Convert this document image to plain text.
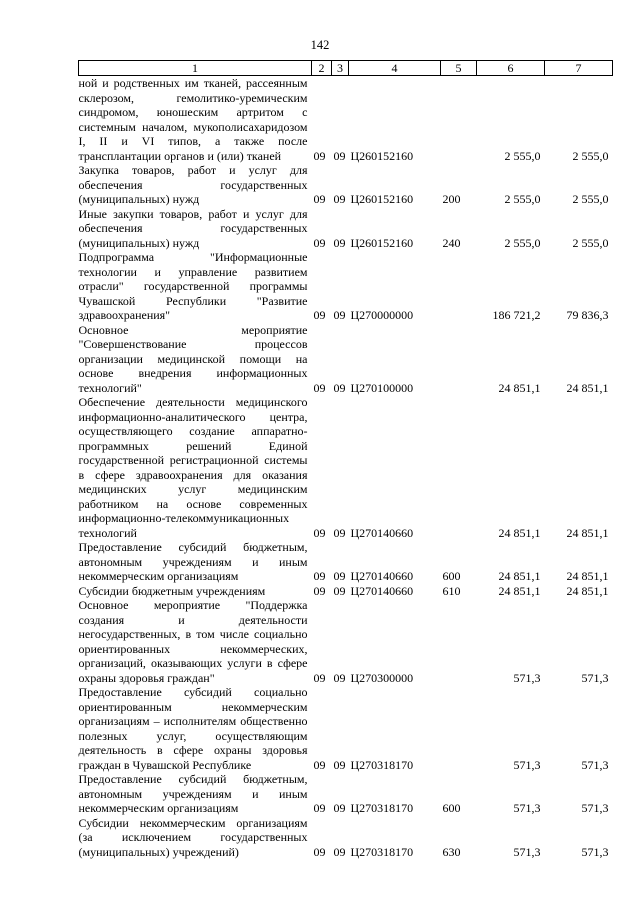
142
1	2	3	4	5	6	7
ной и родственных им тканей, рассеянным склерозом, гемолитико-уремическим синдромом, юношеским артритом с системным началом, мукополисахаридозом I, II и VI типов, а также после трансплантации органов и (или) тканей	09	09	Ц260152160		2 555,0	2 555,0
Закупка товаров, работ и услуг для обеспечения государственных (муниципальных) нужд	09	09	Ц260152160	200	2 555,0	2 555,0
Иные закупки товаров, работ и услуг для обеспечения государственных (муниципальных) нужд	09	09	Ц260152160	240	2 555,0	2 555,0
Подпрограмма "Информационные технологии и управление развитием отрасли" государственной программы Чувашской Республики "Развитие здравоохранения"	09	09	Ц270000000		186 721,2	79 836,3
Основное мероприятие "Совершенствование процессов организации медицинской помощи на основе внедрения информационных технологий"	09	09	Ц270100000		24 851,1	24 851,1
Обеспечение деятельности медицинского информационно-аналитического центра, осуществляющего создание аппаратно-программных решений Единой государственной регистрационной системы в сфере здравоохранения для оказания медицинских услуг медицинским работником на основе современных информационно-телекоммуникационных технологий	09	09	Ц270140660		24 851,1	24 851,1
Предоставление субсидий бюджетным, автономным учреждениям и иным некоммерческим организациям	09	09	Ц270140660	600	24 851,1	24 851,1
Субсидии бюджетным учреждениям	09	09	Ц270140660	610	24 851,1	24 851,1
Основное мероприятие "Поддержка создания и деятельности негосударственных, в том числе социально ориентированных некоммерческих, организаций, оказывающих услуги в сфере охраны здоровья граждан"	09	09	Ц270300000		571,3	571,3
Предоставление субсидий социально ориентированным некоммерческим организациям – исполнителям общественно полезных услуг, осуществляющим деятельность в сфере охраны здоровья граждан в Чувашской Республике	09	09	Ц270318170		571,3	571,3
Предоставление субсидий бюджетным, автономным учреждениям и иным некоммерческим организациям	09	09	Ц270318170	600	571,3	571,3
Субсидии некоммерческим организациям (за исключением государственных (муниципальных) учреждений)	09	09	Ц270318170	630	571,3	571,3
